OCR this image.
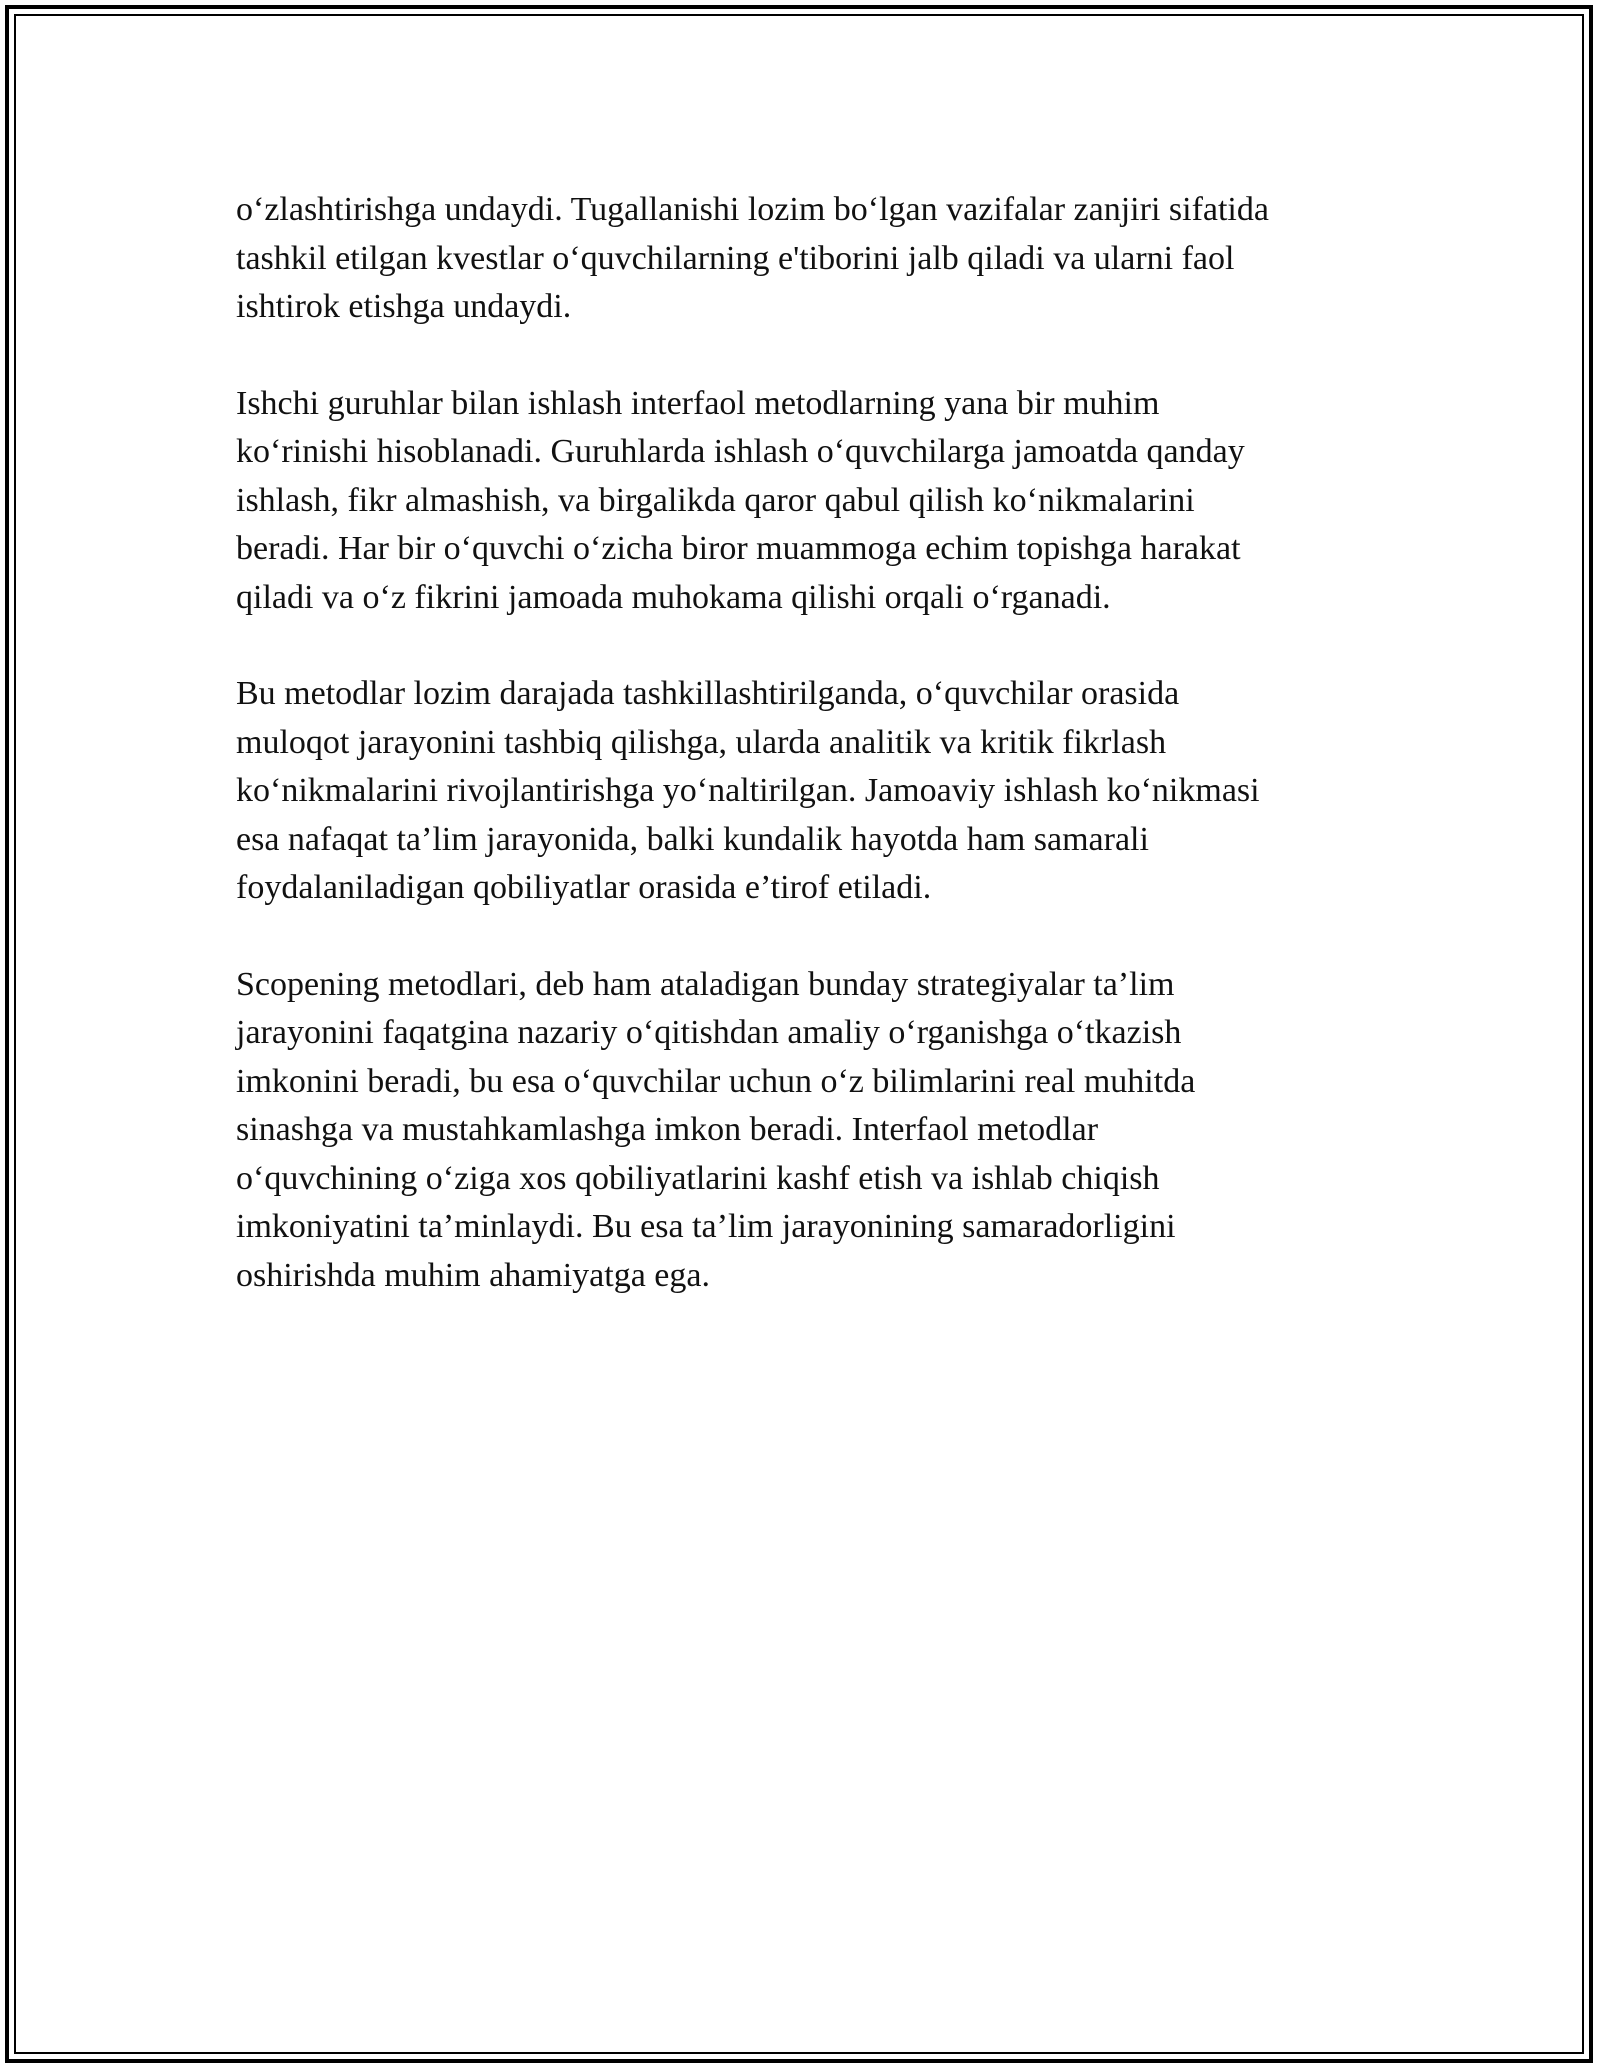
o‘zlashtirishga undaydi. Tugallanishi lozim bo‘lgan vazifalar zanjiri sifatida
tashkil etilgan kvestlar o‘quvchilarning e'tiborini jalb qiladi va ularni faol
ishtirok etishga undaydi.

Ishchi guruhlar bilan ishlash interfaol metodlarning yana bir muhim
ko‘rinishi hisoblanadi. Guruhlarda ishlash o‘quvchilarga jamoatda qanday
ishlash, fikr almashish, va birgalikda qaror qabul qilish ko‘nikmalarini
beradi. Har bir o‘quvchi o‘zicha biror muammoga echim topishga harakat
qiladi va o‘z fikrini jamoada muhokama qilishi orqali o‘rganadi.

Bu metodlar lozim darajada tashkillashtirilganda, o‘quvchilar orasida
muloqot jarayonini tashbiq qilishga, ularda analitik va kritik fikrlash
ko‘nikmalarini rivojlantirishga yo‘naltirilgan. Jamoaviy ishlash ko‘nikmasi
esa nafaqat ta’lim jarayonida, balki kundalik hayotda ham samarali
foydalaniladigan qobiliyatlar orasida e’tirof etiladi.

Scopening metodlari, deb ham ataladigan bunday strategiyalar ta’lim
jarayonini faqatgina nazariy o‘qitishdan amaliy o‘rganishga o‘tkazish
imkonini beradi, bu esa o‘quvchilar uchun o‘z bilimlarini real muhitda
sinashga va mustahkamlashga imkon beradi. Interfaol metodlar
o‘quvchining o‘ziga xos qobiliyatlarini kashf etish va ishlab chiqish
imkoniyatini ta’minlaydi. Bu esa ta’lim jarayonining samaradorligini
oshirishda muhim ahamiyatga ega.
